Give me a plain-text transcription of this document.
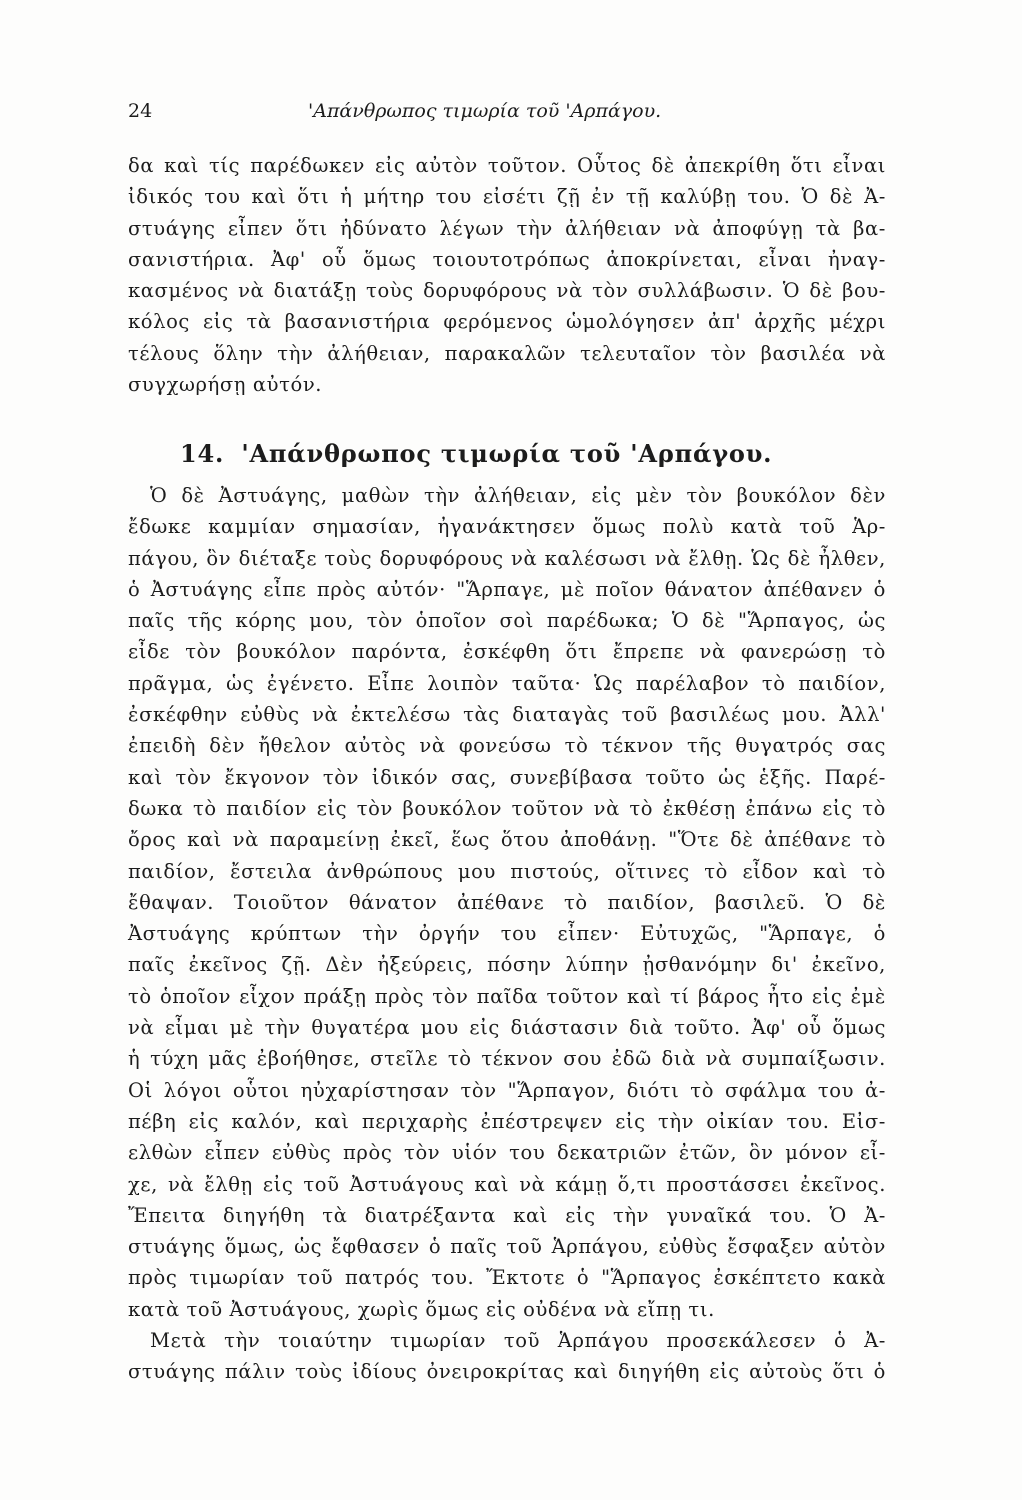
24	'Απάνθρωπος τιμωρία τοῦ 'Αρπάγου.
δα καὶ τίς παρέδωκεν εἰς αὐτὸν τοῦτον. Οὗτος δὲ ἀπεκρίθη ὅτι εἶναι
ἰδικός του καὶ ὅτι ἡ μήτηρ του εἰσέτι ζῇ ἐν τῇ καλύβῃ του. Ὁ δὲ Ἀ-
στυάγης εἶπεν ὅτι ἠδύνατο λέγων τὴν ἀλήθειαν νὰ ἀποφύγῃ τὰ βα-
σανιστήρια. Ἀφ' οὗ ὅμως τοιουτοτρόπως ἀποκρίνεται, εἶναι ἠναγ-
κασμένος νὰ διατάξῃ τοὺς δορυφόρους νὰ τὸν συλλάβωσιν. Ὁ δὲ βου-
κόλος εἰς τὰ βασανιστήρια φερόμενος ὡμολόγησεν ἀπ' ἀρχῆς μέχρι
τέλους ὅλην τὴν ἀλήθειαν, παρακαλῶν τελευταῖον τὸν βασιλέα νὰ
συγχωρήσῃ αὐτόν.
14. 'Απάνθρωπος τιμωρία τοῦ 'Αρπάγου.
Ὁ δὲ Ἀστυάγης, μαθὼν τὴν ἀλήθειαν, εἰς μὲν τὸν βουκόλον δὲν
ἔδωκε καμμίαν σημασίαν, ἠγανάκτησεν ὅμως πολὺ κατὰ τοῦ Ἁρ-
πάγου, ὃν διέταξε τοὺς δορυφόρους νὰ καλέσωσι νὰ ἔλθῃ. Ὡς δὲ ἦλθεν,
ὁ Ἀστυάγης εἶπε πρὸς αὐτόν· "Ἅρπαγε, μὲ ποῖον θάνατον ἀπέθανεν ὁ
παῖς τῆς κόρης μου, τὸν ὁποῖον σοὶ παρέδωκα; Ὁ δὲ "Ἅρπαγος, ὡς
εἶδε τὸν βουκόλον παρόντα, ἐσκέφθη ὅτι ἔπρεπε νὰ φανερώσῃ τὸ
πρᾶγμα, ὡς ἐγένετο. Εἶπε λοιπὸν ταῦτα· Ὡς παρέλαβον τὸ παιδίον,
ἐσκέφθην εὐθὺς νὰ ἐκτελέσω τὰς διαταγὰς τοῦ βασιλέως μου. Ἀλλ'
ἐπειδὴ δὲν ἤθελον αὐτὸς νὰ φονεύσω τὸ τέκνον τῆς θυγατρός σας
καὶ τὸν ἔκγονον τὸν ἰδικόν σας, συνεβίβασα τοῦτο ὡς ἑξῆς. Παρέ-
δωκα τὸ παιδίον εἰς τὸν βουκόλον τοῦτον νὰ τὸ ἐκθέσῃ ἐπάνω εἰς τὸ
ὄρος καὶ νὰ παραμείνῃ ἐκεῖ, ἕως ὅτου ἀποθάνῃ. "Ὅτε δὲ ἀπέθανε τὸ
παιδίον, ἔστειλα ἀνθρώπους μου πιστούς, οἵτινες τὸ εἶδον καὶ τὸ
ἔθαψαν. Τοιοῦτον θάνατον ἀπέθανε τὸ παιδίον, βασιλεῦ. Ὁ δὲ
Ἀστυάγης κρύπτων τὴν ὀργήν του εἶπεν· Εὐτυχῶς, "Ἅρπαγε, ὁ
παῖς ἐκεῖνος ζῇ. Δὲν ἠξεύρεις, πόσην λύπην ᾐσθανόμην δι' ἐκεῖνο,
τὸ ὁποῖον εἶχον πράξῃ πρὸς τὸν παῖδα τοῦτον καὶ τί βάρος ἦτο εἰς ἐμὲ
νὰ εἶμαι μὲ τὴν θυγατέρα μου εἰς διάστασιν διὰ τοῦτο. Ἀφ' οὗ ὅμως
ἡ τύχη μᾶς ἐβοήθησε, στεῖλε τὸ τέκνον σου ἐδῶ διὰ νὰ συμπαίξωσιν.
Οἱ λόγοι οὗτοι ηὐχαρίστησαν τὸν "Ἅρπαγον, διότι τὸ σφάλμα του ἀ-
πέβη εἰς καλόν, καὶ περιχαρὴς ἐπέστρεψεν εἰς τὴν οἰκίαν του. Εἰσ-
ελθὼν εἶπεν εὐθὺς πρὸς τὸν υἱόν του δεκατριῶν ἐτῶν, ὃν μόνον εἶ-
χε, νὰ ἔλθῃ εἰς τοῦ Ἀστυάγους καὶ νὰ κάμῃ ὅ,τι προστάσσει ἐκεῖνος.
Ἔπειτα διηγήθη τὰ διατρέξαντα καὶ εἰς τὴν γυναῖκά του. Ὁ Ἀ-
στυάγης ὅμως, ὡς ἔφθασεν ὁ παῖς τοῦ Ἁρπάγου, εὐθὺς ἔσφαξεν αὐτὸν
πρὸς τιμωρίαν τοῦ πατρός του. Ἔκτοτε ὁ "Ἅρπαγος ἐσκέπτετο κακὰ
κατὰ τοῦ Ἀστυάγους, χωρὶς ὅμως εἰς οὐδένα νὰ εἴπῃ τι.
Μετὰ τὴν τοιαύτην τιμωρίαν τοῦ Ἁρπάγου προσεκάλεσεν ὁ Ἀ-
στυάγης πάλιν τοὺς ἰδίους ὀνειροκρίτας καὶ διηγήθη εἰς αὐτοὺς ὅτι ὁ
